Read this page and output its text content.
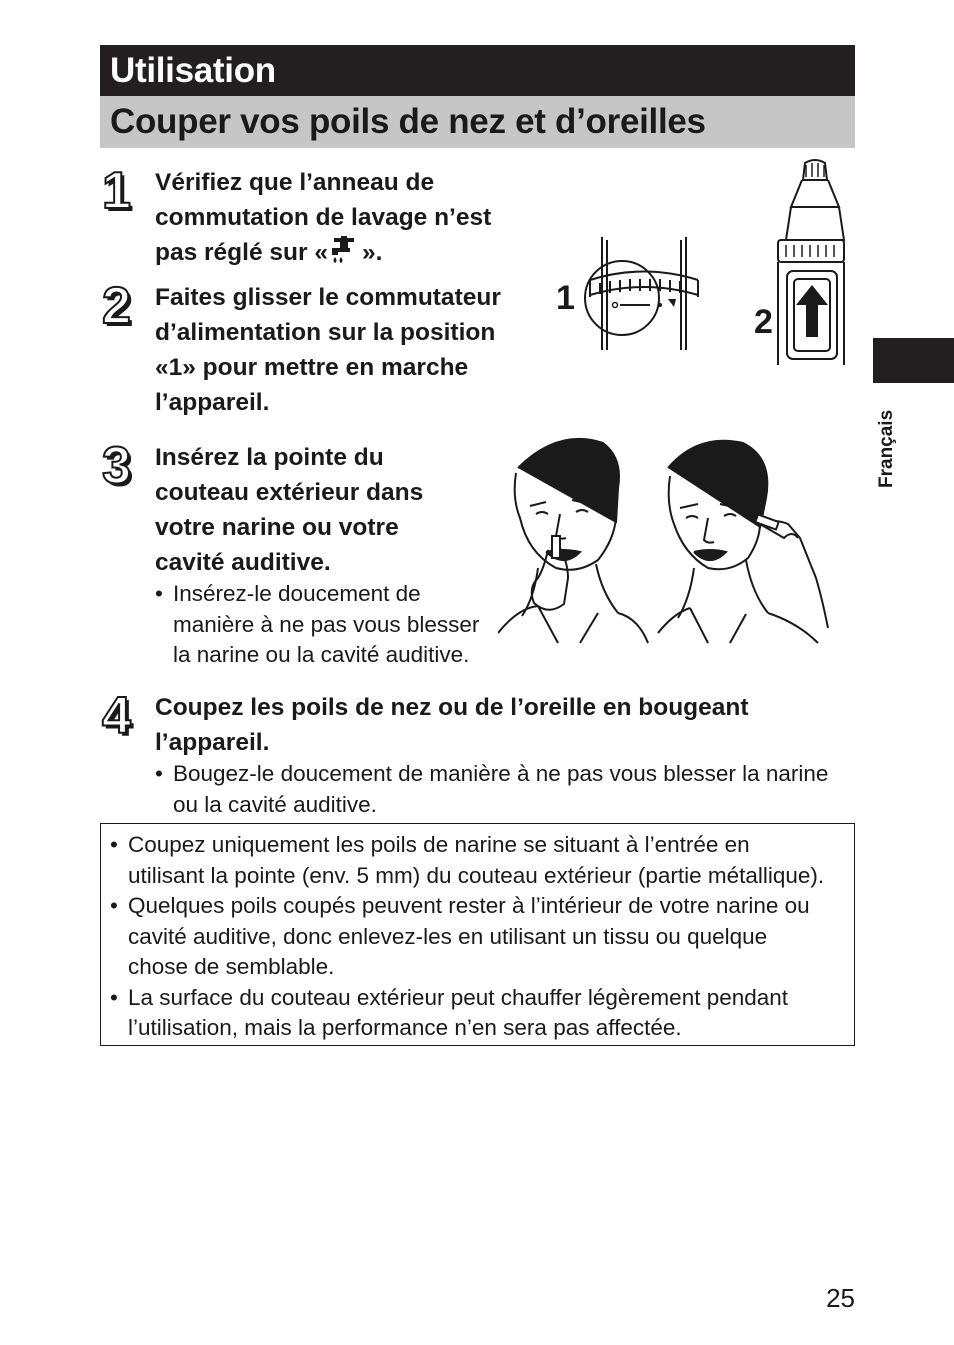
Utilisation
Couper vos poils de nez et d’oreilles
1 Vérifiez que l’anneau de
commutation de lavage n’est
pas réglé sur « ».
2 Faites glisser le commutateur
d’alimentation sur la position
«1» pour mettre en marche
l’appareil.
1
2
3 Insérez la pointe du
couteau extérieur dans
votre narine ou votre
cavité auditive.
• Insérez-le doucement de
manière à ne pas vous blesser
la narine ou la cavité auditive.
4 Coupez les poils de nez ou de l’oreille en bougeant
l’appareil.
• Bougez-le doucement de manière à ne pas vous blesser la narine
ou la cavité auditive.
• Coupez uniquement les poils de narine se situant à l’entrée en
utilisant la pointe (env. 5 mm) du couteau extérieur (partie métallique).
• Quelques poils coupés peuvent rester à l’intérieur de votre narine ou
cavité auditive, donc enlevez-les en utilisant un tissu ou quelque
chose de semblable.
• La surface du couteau extérieur peut chauffer légèrement pendant
l’utilisation, mais la performance n’en sera pas affectée.
Français
25
